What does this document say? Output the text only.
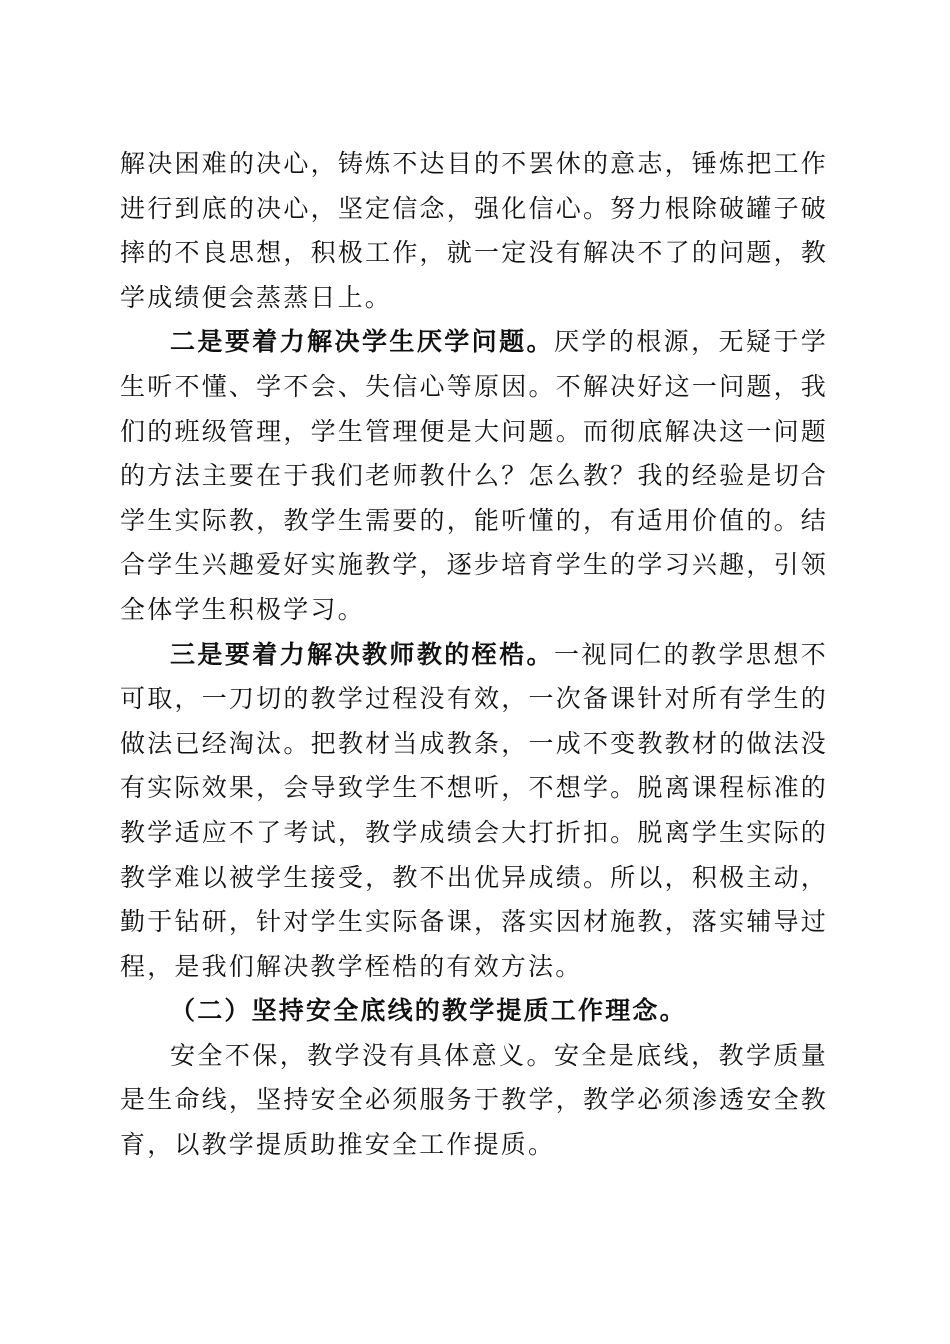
解决困难的决心，铸炼不达目的不罢休的意志，锤炼把工作进行到底的决心，坚定信念，强化信心。努力根除破罐子破摔的不良思想，积极工作，就一定没有解决不了的问题，教学成绩便会蒸蒸日上。

二是要着力解决学生厌学问题。厌学的根源，无疑于学生听不懂、学不会、失信心等原因。不解决好这一问题，我们的班级管理，学生管理便是大问题。而彻底解决这一问题的方法主要在于我们老师教什么？怎么教？我的经验是切合学生实际教，教学生需要的，能听懂的，有适用价值的。结合学生兴趣爱好实施教学，逐步培育学生的学习兴趣，引领全体学生积极学习。

三是要着力解决教师教的桎梏。一视同仁的教学思想不可取，一刀切的教学过程没有效，一次备课针对所有学生的做法已经淘汰。把教材当成教条，一成不变教教材的做法没有实际效果，会导致学生不想听，不想学。脱离课程标准的教学适应不了考试，教学成绩会大打折扣。脱离学生实际的教学难以被学生接受，教不出优异成绩。所以，积极主动，勤于钻研，针对学生实际备课，落实因材施教，落实辅导过程，是我们解决教学桎梏的有效方法。

（二）坚持安全底线的教学提质工作理念。

安全不保，教学没有具体意义。安全是底线，教学质量是生命线，坚持安全必须服务于教学，教学必须渗透安全教育，以教学提质助推安全工作提质。
